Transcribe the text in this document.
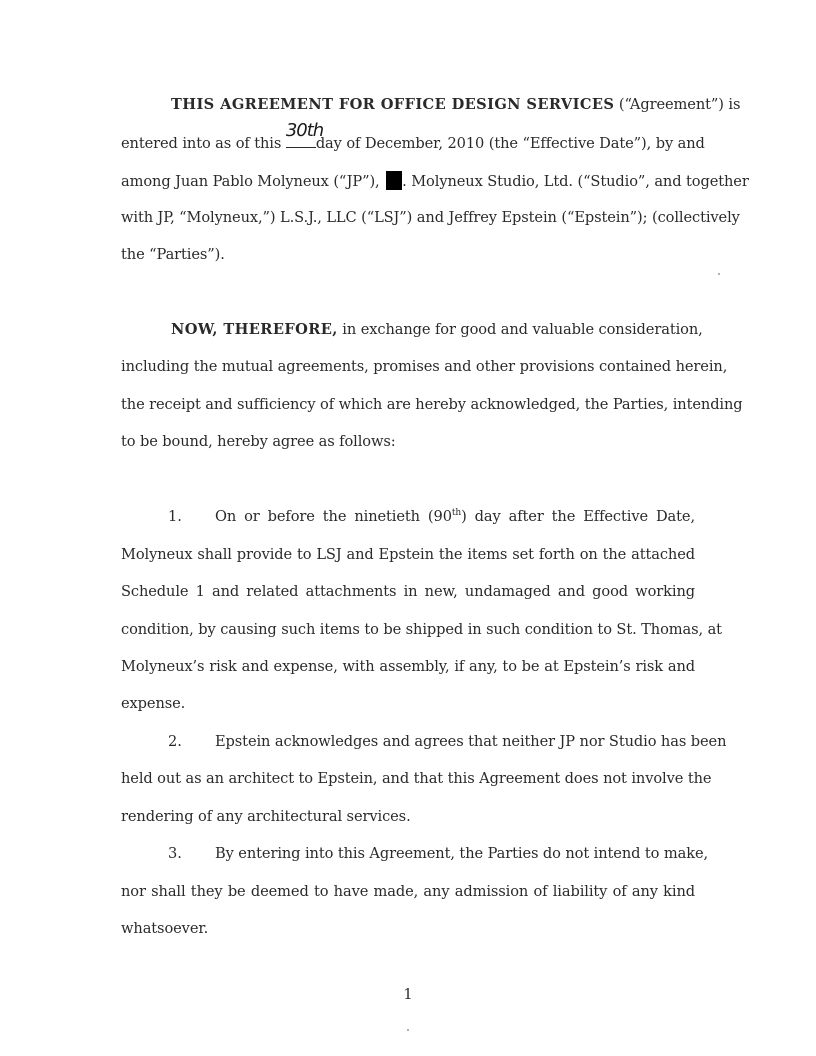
THIS AGREEMENT FOR OFFICE DESIGN SERVICES (“Agreement”) is
entered into as of this
30th
day of December, 2010 (the “Effective Date”), by and
among Juan Pablo Molyneux (“JP”), . Molyneux Studio, Ltd. (“Studio”, and together
with JP, “Molyneux,”) L.S.J., LLC (“LSJ”) and Jeffrey Epstein (“Epstein”); (collectively
the “Parties”).
NOW, THEREFORE, in exchange for good and valuable consideration,
including the mutual agreements, promises and other provisions contained herein,
the receipt and sufficiency of which are hereby acknowledged, the Parties, intending
to be bound, hereby agree as follows:
1. On or before the ninetieth (90th) day after the Effective Date,
Molyneux shall provide to LSJ and Epstein the items set forth on the attached
Schedule 1 and related attachments in new, undamaged and good working
condition, by causing such items to be shipped in such condition to St. Thomas, at
Molyneux’s risk and expense, with assembly, if any, to be at Epstein’s risk and
expense.
2. Epstein acknowledges and agrees that neither JP nor Studio has been
held out as an architect to Epstein, and that this Agreement does not involve the
rendering of any architectural services.
3. By entering into this Agreement, the Parties do not intend to make,
nor shall they be deemed to have made, any admission of liability of any kind
whatsoever.
1
